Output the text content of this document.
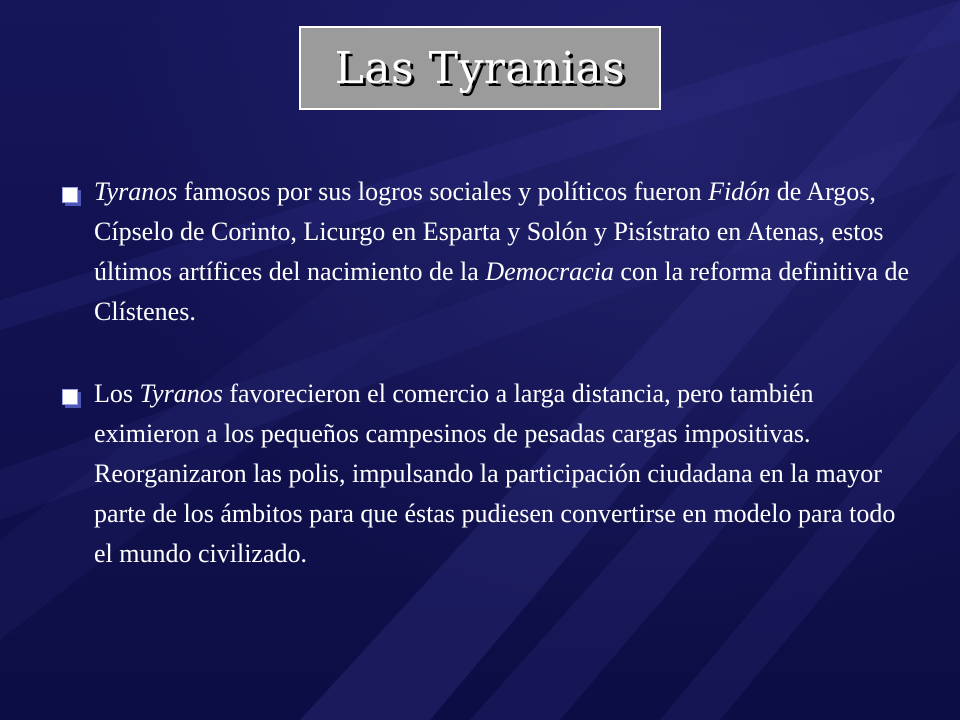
Las Tyranias
Tyranos famosos por sus logros sociales y políticos fueron Fidón de Argos, Cípselo de Corinto, Licurgo en Esparta y Solón y Pisístrato en Atenas, estos últimos artífices del nacimiento de la Democracia con la reforma definitiva de Clístenes.
Los Tyranos favorecieron el comercio a larga distancia, pero también eximieron a los pequeños campesinos de pesadas cargas impositivas. Reorganizaron las polis, impulsando la participación ciudadana en la mayor parte de los ámbitos para que éstas pudiesen convertirse en modelo para todo el mundo civilizado.
